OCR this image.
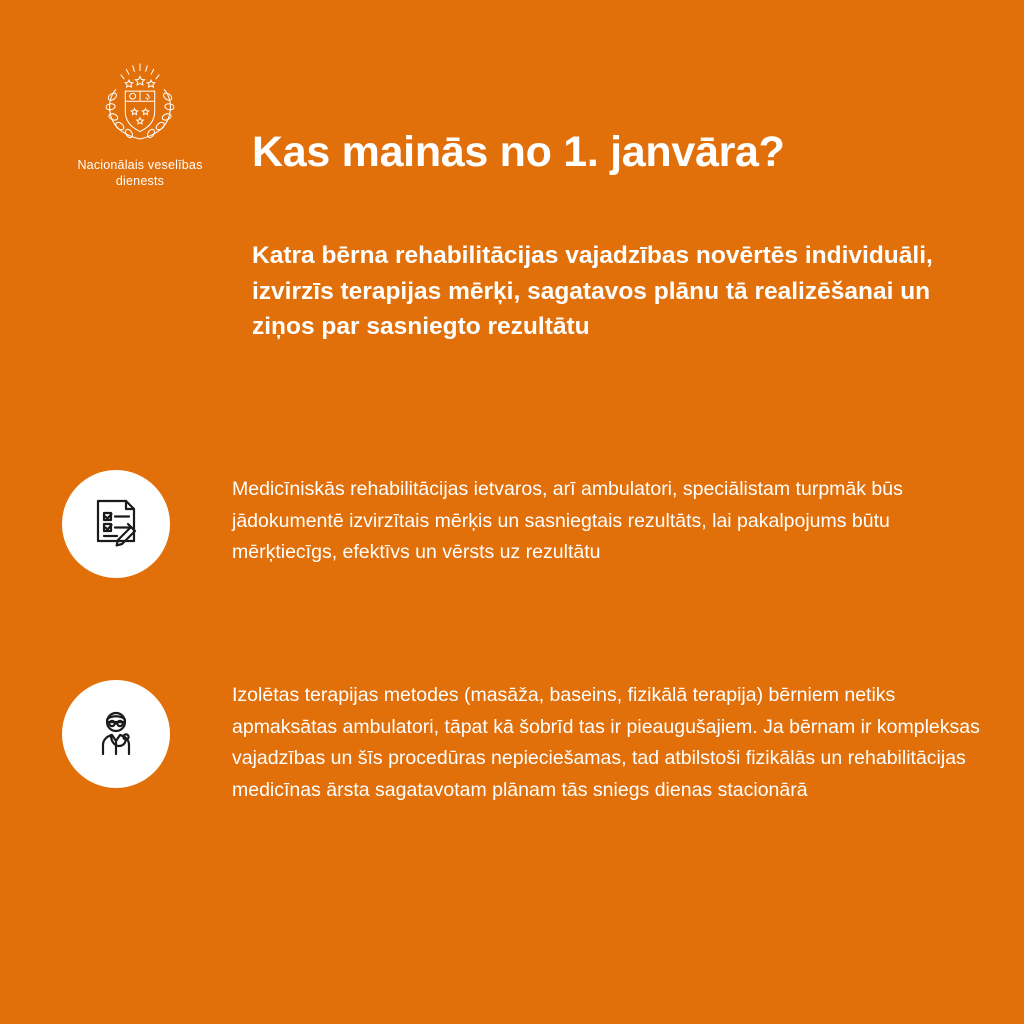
Nacionālais veselības
dienests
Kas mainās no 1. janvāra?
Katra bērna rehabilitācijas vajadzības novērtēs individuāli, izvirzīs terapijas mērķi, sagatavos plānu tā realizēšanai un ziņos par sasniegto rezultātu
Medicīniskās rehabilitācijas ietvaros, arī ambulatori, speciālistam turpmāk būs jādokumentē izvirzītais mērķis un sasniegtais rezultāts, lai pakalpojums būtu mērķtiecīgs, efektīvs un vērsts uz rezultātu
Izolētas terapijas metodes (masāža, baseins, fizikālā terapija) bērniem netiks apmaksātas ambulatori, tāpat kā šobrīd tas ir pieaugušajiem. Ja bērnam ir kompleksas vajadzības un šīs procedūras nepieciešamas, tad atbilstoši fizikālās un rehabilitācijas medicīnas ārsta sagatavotam plānam tās sniegs dienas stacionārā
